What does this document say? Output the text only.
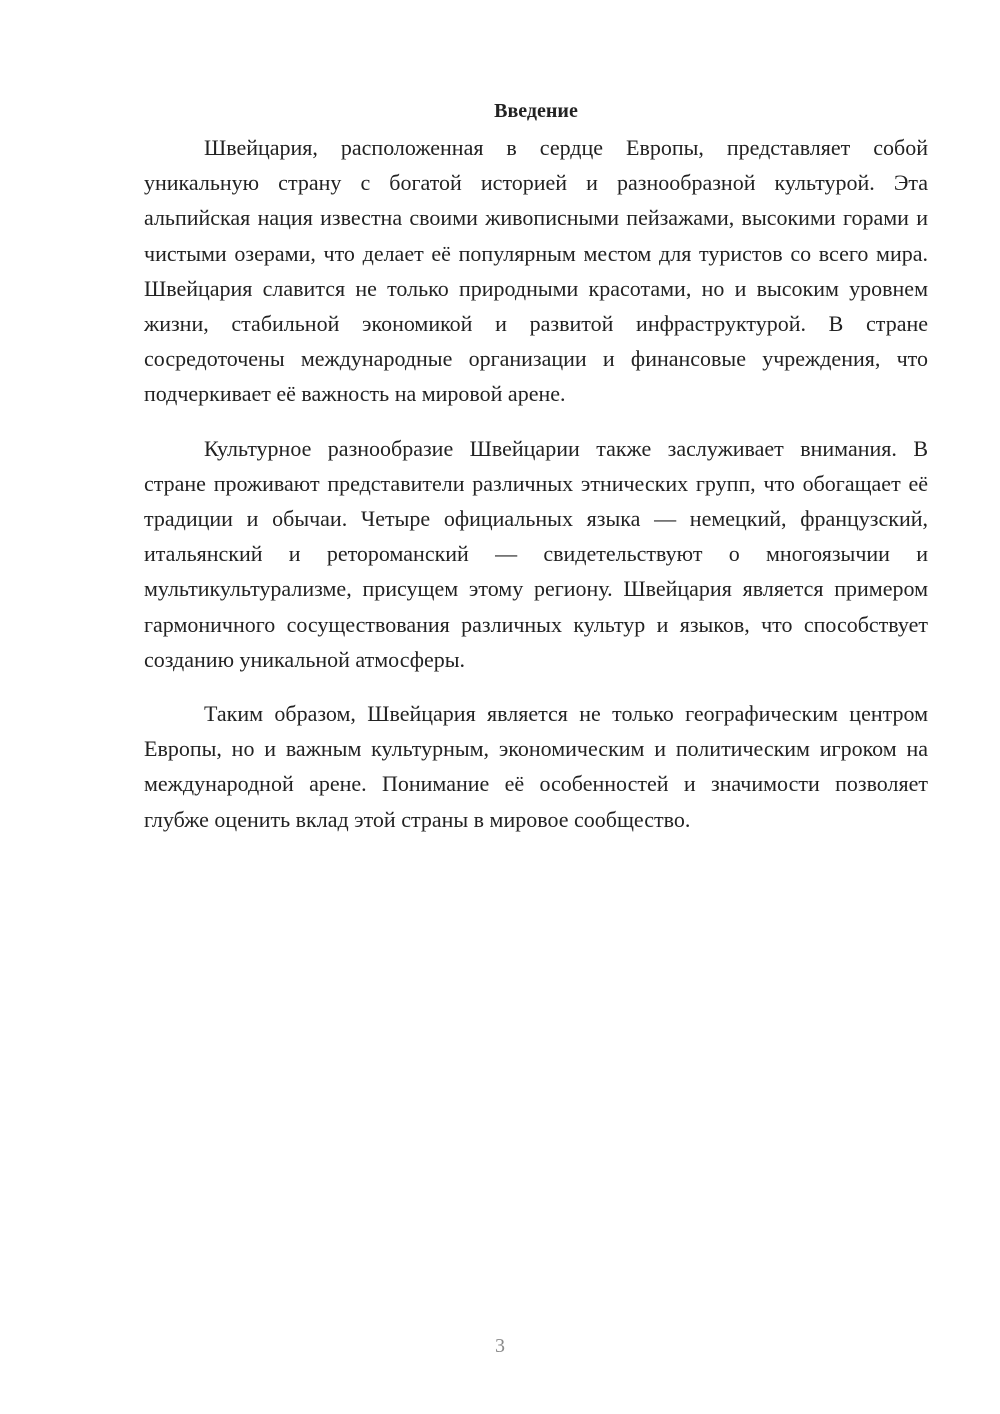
Введение

Швейцария, расположенная в сердце Европы, представляет собой уникальную страну с богатой историей и разнообразной культурой. Эта альпийская нация известна своими живописными пейзажами, высокими горами и чистыми озерами, что делает её популярным местом для туристов со всего мира. Швейцария славится не только природными красотами, но и высоким уровнем жизни, стабильной экономикой и развитой инфраструктурой. В стране сосредоточены международные организации и финансовые учреждения, что подчеркивает её важность на мировой арене.

Культурное разнообразие Швейцарии также заслуживает внимания. В стране проживают представители различных этнических групп, что обогащает её традиции и обычаи. Четыре официальных языка — немецкий, французский, итальянский и ретороманский — свидетельствуют о многоязычии и мультикультурализме, присущем этому региону. Швейцария является примером гармоничного сосуществования различных культур и языков, что способствует созданию уникальной атмосферы.

Таким образом, Швейцария является не только географическим центром Европы, но и важным культурным, экономическим и политическим игроком на международной арене. Понимание её особенностей и значимости позволяет глубже оценить вклад этой страны в мировое сообщество.

3
